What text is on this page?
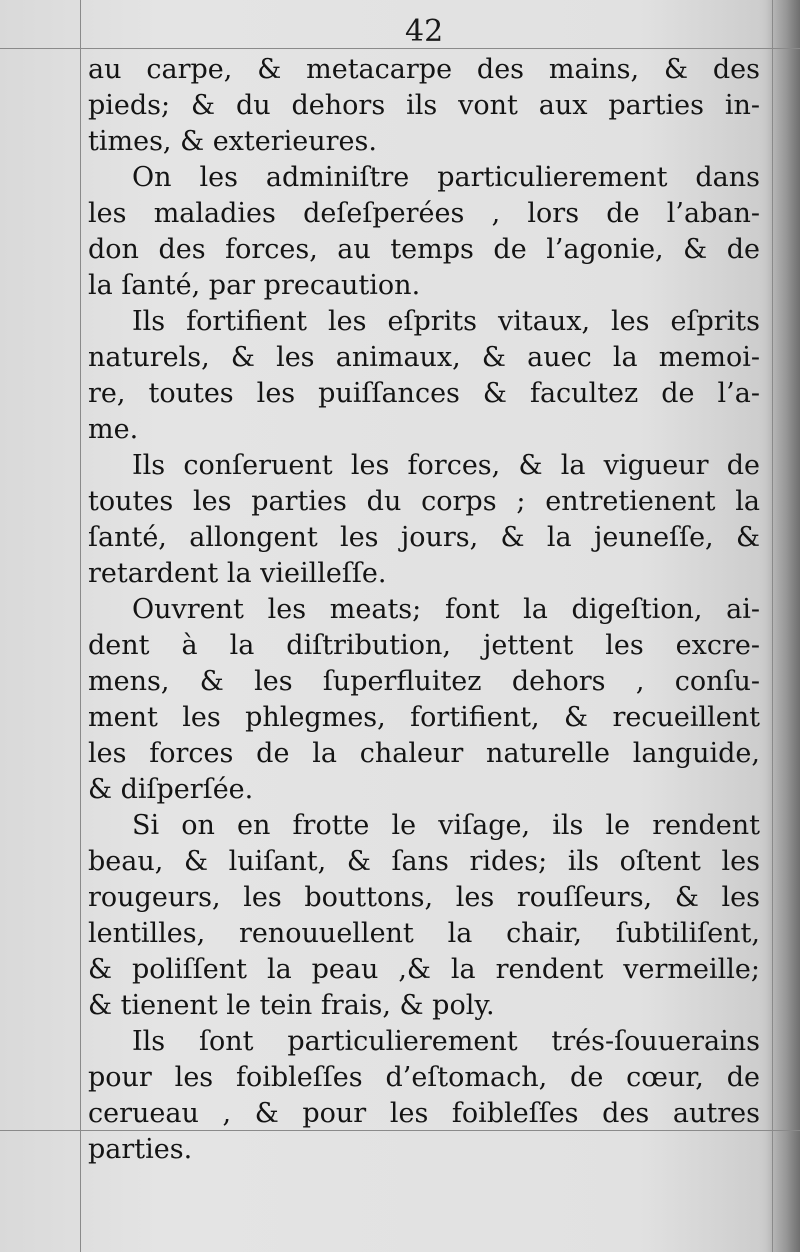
42
au carpe, & metacarpe des mains, & des
pieds; & du dehors ils vont aux parties in-
times, & exterieures.
On les adminiſtre particulierement dans
les maladies deſeſperées , lors de l’aban-
don des forces, au temps de l’agonie, & de
la ſanté, par precaution.
Ils fortifient les eſprits vitaux, les eſprits
naturels, & les animaux, & auec la memoi-
re, toutes les puiſſances & facultez de l’a-
me.
Ils conſeruent les forces, & la vigueur de
toutes les parties du corps ; entretienent la
ſanté, allongent les jours, & la jeuneſſe, &
retardent la vieilleſſe.
Ouvrent les meats; font la digeſtion, ai-
dent à la diſtribution, jettent les excre-
mens, & les ſuperfluitez dehors , conſu-
ment les phlegmes, fortifient, & recueillent
les forces de la chaleur naturelle languide,
& diſperſée.
Si on en frotte le viſage, ils le rendent
beau, & luiſant, & ſans rides; ils oſtent les
rougeurs, les bouttons, les rouſſeurs, & les
lentilles, renouuellent la chair, ſubtiliſent,
& poliſſent la peau ,& la rendent vermeille;
& tienent le tein frais, & poly.
Ils ſont particulierement trés-ſouuerains
pour les foibleſſes d’eſtomach, de cœur, de
cerueau , & pour les foibleſſes des autres
parties.
